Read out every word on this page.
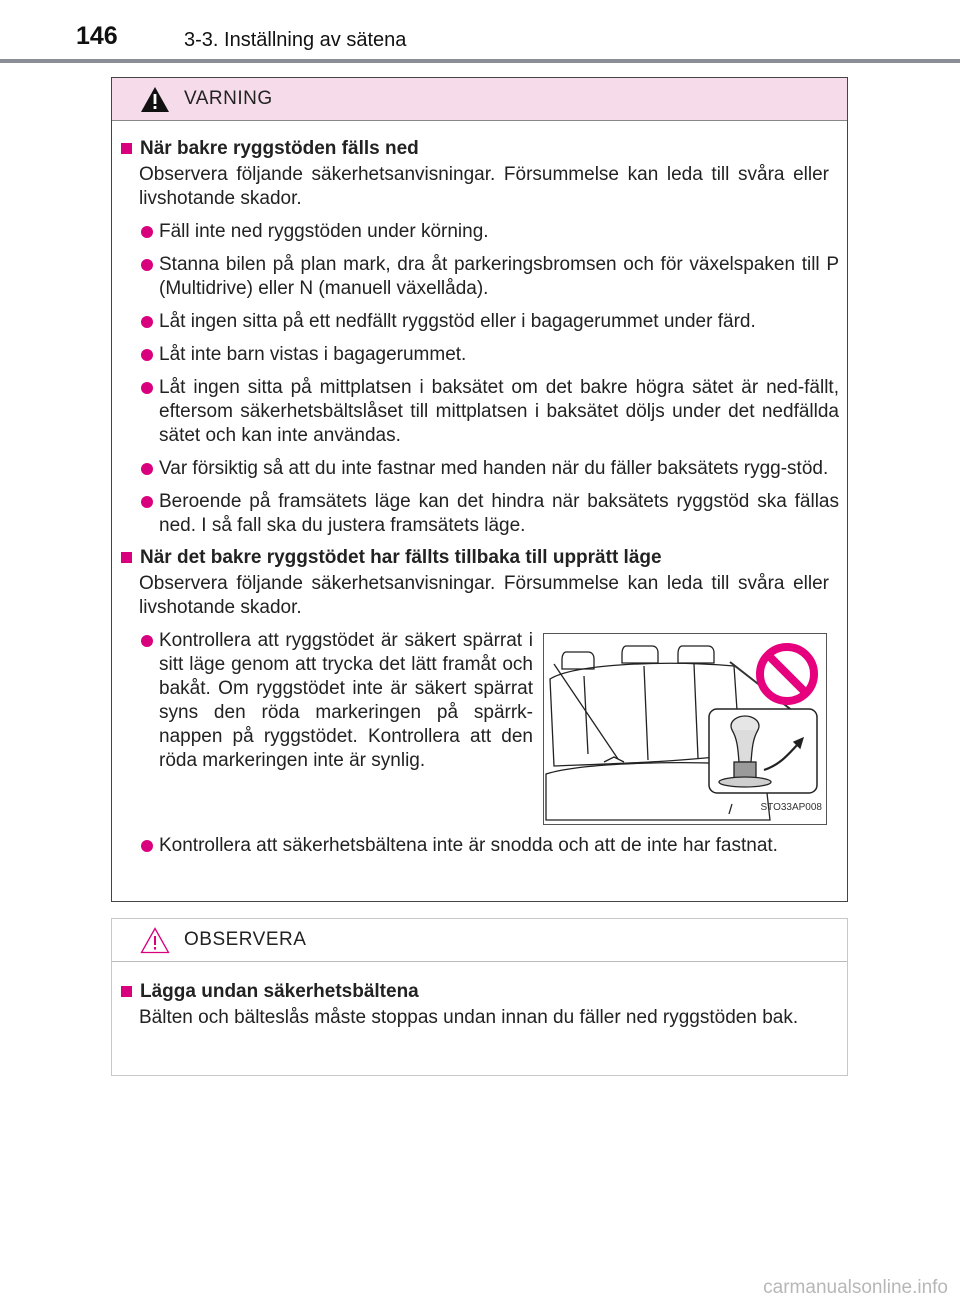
146	3-3. Inställning av sätena
VARNING
När bakre ryggstöden fälls ned
Observera följande säkerhetsanvisningar. Försummelse kan leda till svåra eller livshotande skador.
Fäll inte ned ryggstöden under körning.
Stanna bilen på plan mark, dra åt parkeringsbromsen och för växelspaken till P (Multidrive) eller N (manuell växellåda).
Låt ingen sitta på ett nedfällt ryggstöd eller i bagagerummet under färd.
Låt inte barn vistas i bagagerummet.
Låt ingen sitta på mittplatsen i baksätet om det bakre högra sätet är ned-fällt, eftersom säkerhetsbältslåset till mittplatsen i baksätet döljs under det nedfällda sätet och kan inte användas.
Var försiktig så att du inte fastnar med handen när du fäller baksätets rygg-stöd.
Beroende på framsätets läge kan det hindra när baksätets ryggstöd ska fällas ned. I så fall ska du justera framsätets läge.
När det bakre ryggstödet har fällts tillbaka till upprätt läge
Observera följande säkerhetsanvisningar. Försummelse kan leda till svåra eller livshotande skador.
Kontrollera att ryggstödet är säkert spärrat i sitt läge genom att trycka det lätt framåt och bakåt. Om ryggstödet inte är säkert spärrat syns den röda markeringen på spärrk-nappen på ryggstödet. Kontrollera att den röda markeringen inte är synlig.
STO33AP008
Kontrollera att säkerhetsbältena inte är snodda och att de inte har fastnat.
OBSERVERA
Lägga undan säkerhetsbältena
Bälten och bälteslås måste stoppas undan innan du fäller ned ryggstöden bak.
carmanualsonline.info
